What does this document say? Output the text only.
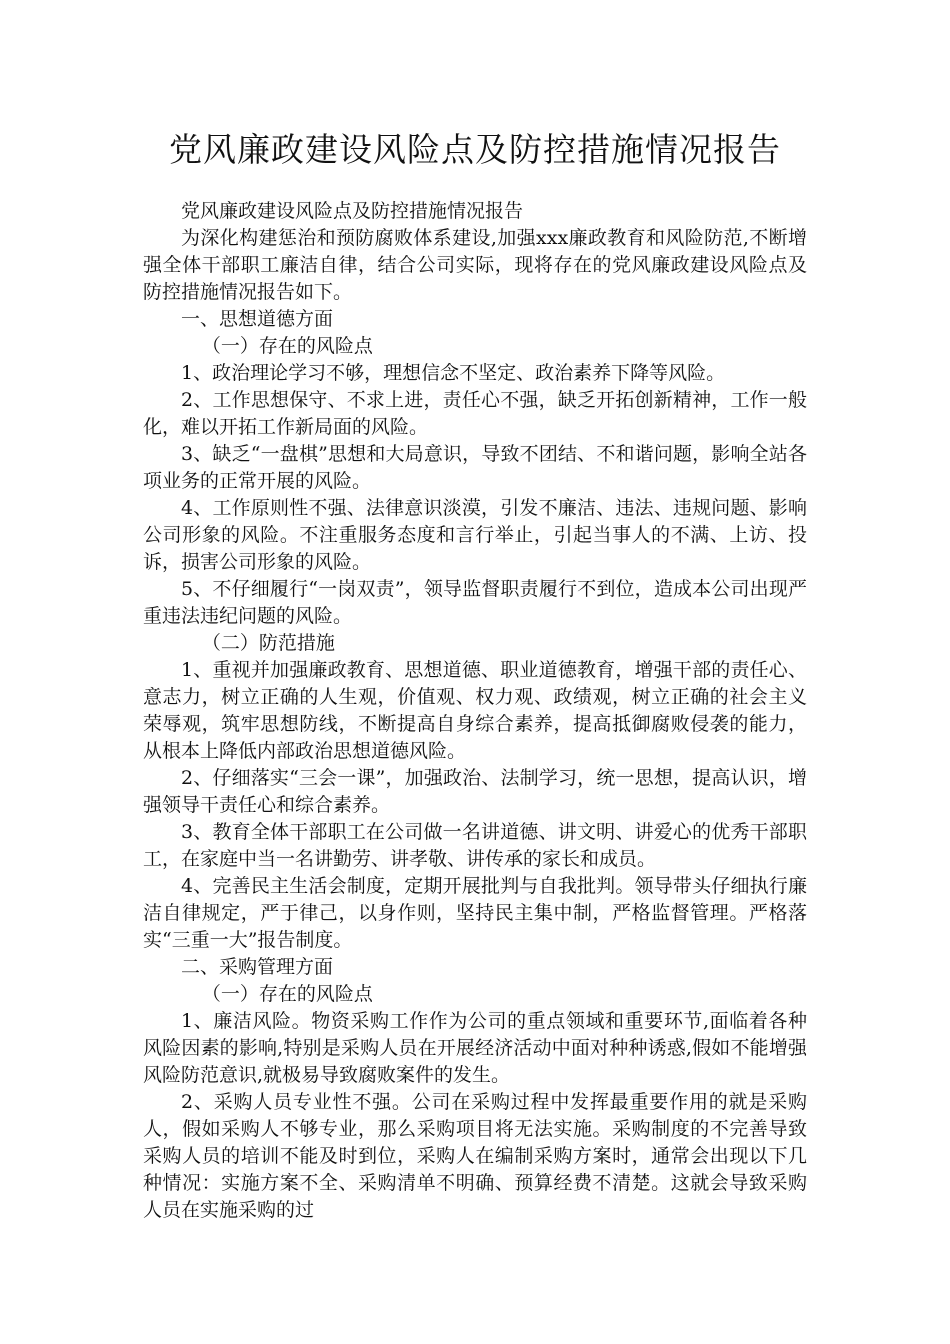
党风廉政建设风险点及防控措施情况报告

党风廉政建设风险点及防控措施情况报告

为深化构建惩治和预防腐败体系建设,加强xxx廉政教育和风险防范,不断增强全体干部职工廉洁自律，结合公司实际，现将存在的党风廉政建设风险点及防控措施情况报告如下。

一、思想道德方面

（一）存在的风险点

1、政治理论学习不够，理想信念不坚定、政治素养下降等风险。

2、工作思想保守、不求上进，责任心不强，缺乏开拓创新精神，工作一般化，难以开拓工作新局面的风险。

3、缺乏“一盘棋”思想和大局意识，导致不团结、不和谐问题，影响全站各项业务的正常开展的风险。

4、工作原则性不强、法律意识淡漠，引发不廉洁、违法、违规问题、影响公司形象的风险。不注重服务态度和言行举止，引起当事人的不满、上访、投诉，损害公司形象的风险。

5、不仔细履行“一岗双责”，领导监督职责履行不到位，造成本公司出现严重违法违纪问题的风险。

（二）防范措施

1、重视并加强廉政教育、思想道德、职业道德教育，增强干部的责任心、意志力，树立正确的人生观，价值观、权力观、政绩观，树立正确的社会主义荣辱观，筑牢思想防线，不断提高自身综合素养，提高抵御腐败侵袭的能力，从根本上降低内部政治思想道德风险。

2、仔细落实“三会一课”，加强政治、法制学习，统一思想，提高认识，增强领导干责任心和综合素养。

3、教育全体干部职工在公司做一名讲道德、讲文明、讲爱心的优秀干部职工，在家庭中当一名讲勤劳、讲孝敬、讲传承的家长和成员。

4、完善民主生活会制度，定期开展批判与自我批判。领导带头仔细执行廉洁自律规定，严于律己，以身作则，坚持民主集中制，严格监督管理。严格落实“三重一大”报告制度。

二、采购管理方面

（一）存在的风险点

1、廉洁风险。物资采购工作作为公司的重点领域和重要环节,面临着各种风险因素的影响,特别是采购人员在开展经济活动中面对种种诱惑,假如不能增强风险防范意识,就极易导致腐败案件的发生。

2、采购人员专业性不强。公司在采购过程中发挥最重要作用的就是采购人，假如采购人不够专业，那么采购项目将无法实施。采购制度的不完善导致采购人员的培训不能及时到位，采购人在编制采购方案时，通常会出现以下几种情况：实施方案不全、采购清单不明确、预算经费不清楚。这就会导致采购人员在实施采购的过
